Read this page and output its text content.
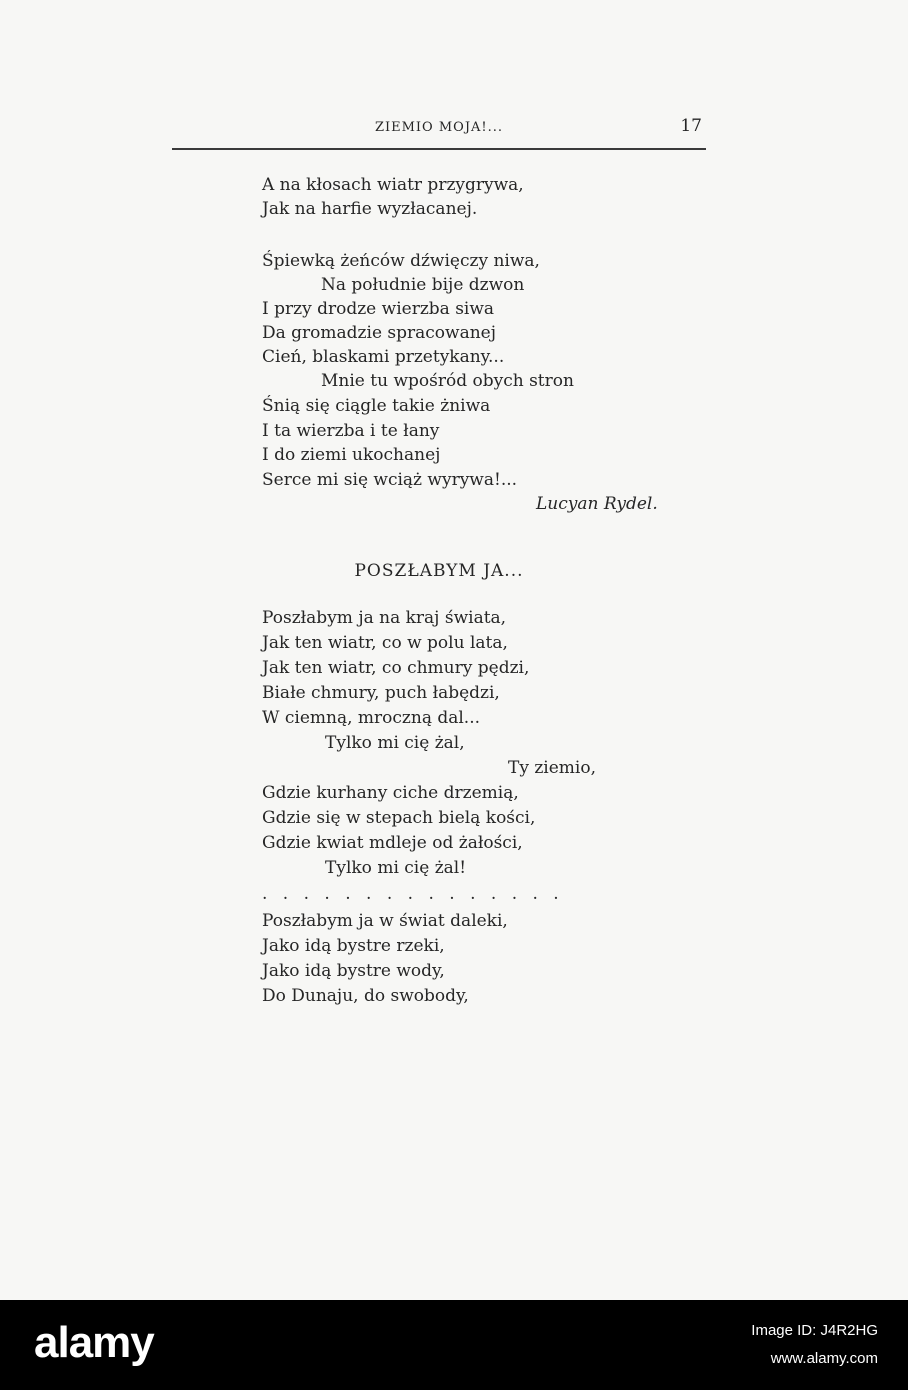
ZIEMIO MOJA!...	17
A na kłosach wiatr przygrywa,
Jak na harfie wyzłacanej.
Śpiewką żeńców dźwięczy niwa,
Na południe bije dzwon
I przy drodze wierzba siwa
Da gromadzie spracowanej
Cień, blaskami przetykany...
Mnie tu wpośród obych stron
Śnią się ciągle takie żniwa
I ta wierzba i te łany
I do ziemi ukochanej
Serce mi się wciąż wyrywa!...
Lucyan Rydel.
POSZŁABYM JA...
Poszłabym ja na kraj świata,
Jak ten wiatr, co w polu lata,
Jak ten wiatr, co chmury pędzi,
Białe chmury, puch łabędzi,
W ciemną, mroczną dal...
Tylko mi cię żal,
Ty ziemio,
Gdzie kurhany ciche drzemią,
Gdzie się w stepach bielą kości,
Gdzie kwiat mdleje od żałości,
Tylko mi cię żal!
. . . . . . . . . . . . . . .
Poszłabym ja w świat daleki,
Jako idą bystre rzeki,
Jako idą bystre wody,
Do Dunaju, do swobody,
alamy	Image ID: J4R2HG
www.alamy.com
